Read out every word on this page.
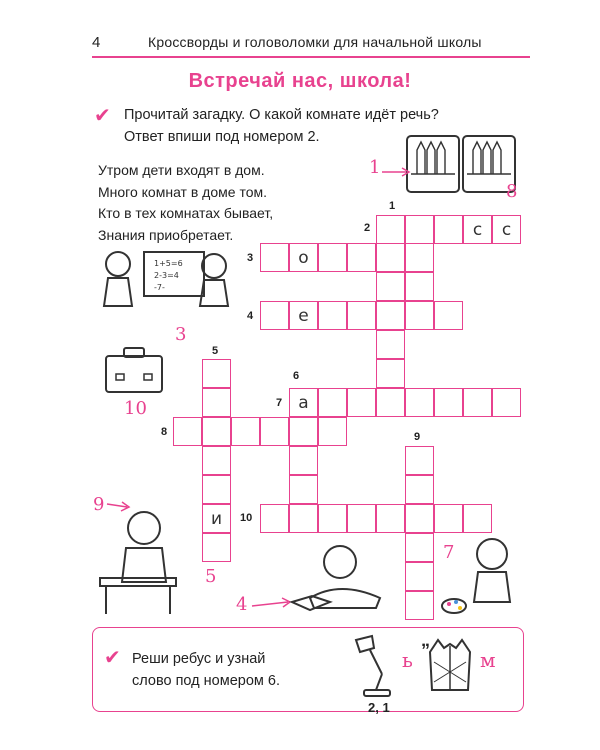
4	Кроссворды и головоломки для начальной школы
Встречай нас, школа!
✔ Прочитай загадку. О какой комнате идёт речь?
Ответ впиши под номером 2.
Утром дети входят в дом.
Много комнат в доме том.
Кто в тех комнатах бывает,
Знания приобретает.
1
8
1+5=6
2-3=4
-7-
3
10
9
5
4
7
с	с
о
е
а
и
1
2
3
4
5
6
7
8	9
10
✔ Реши ребус и узнай
слово под номером 6.
2, 1
ь
„
м
